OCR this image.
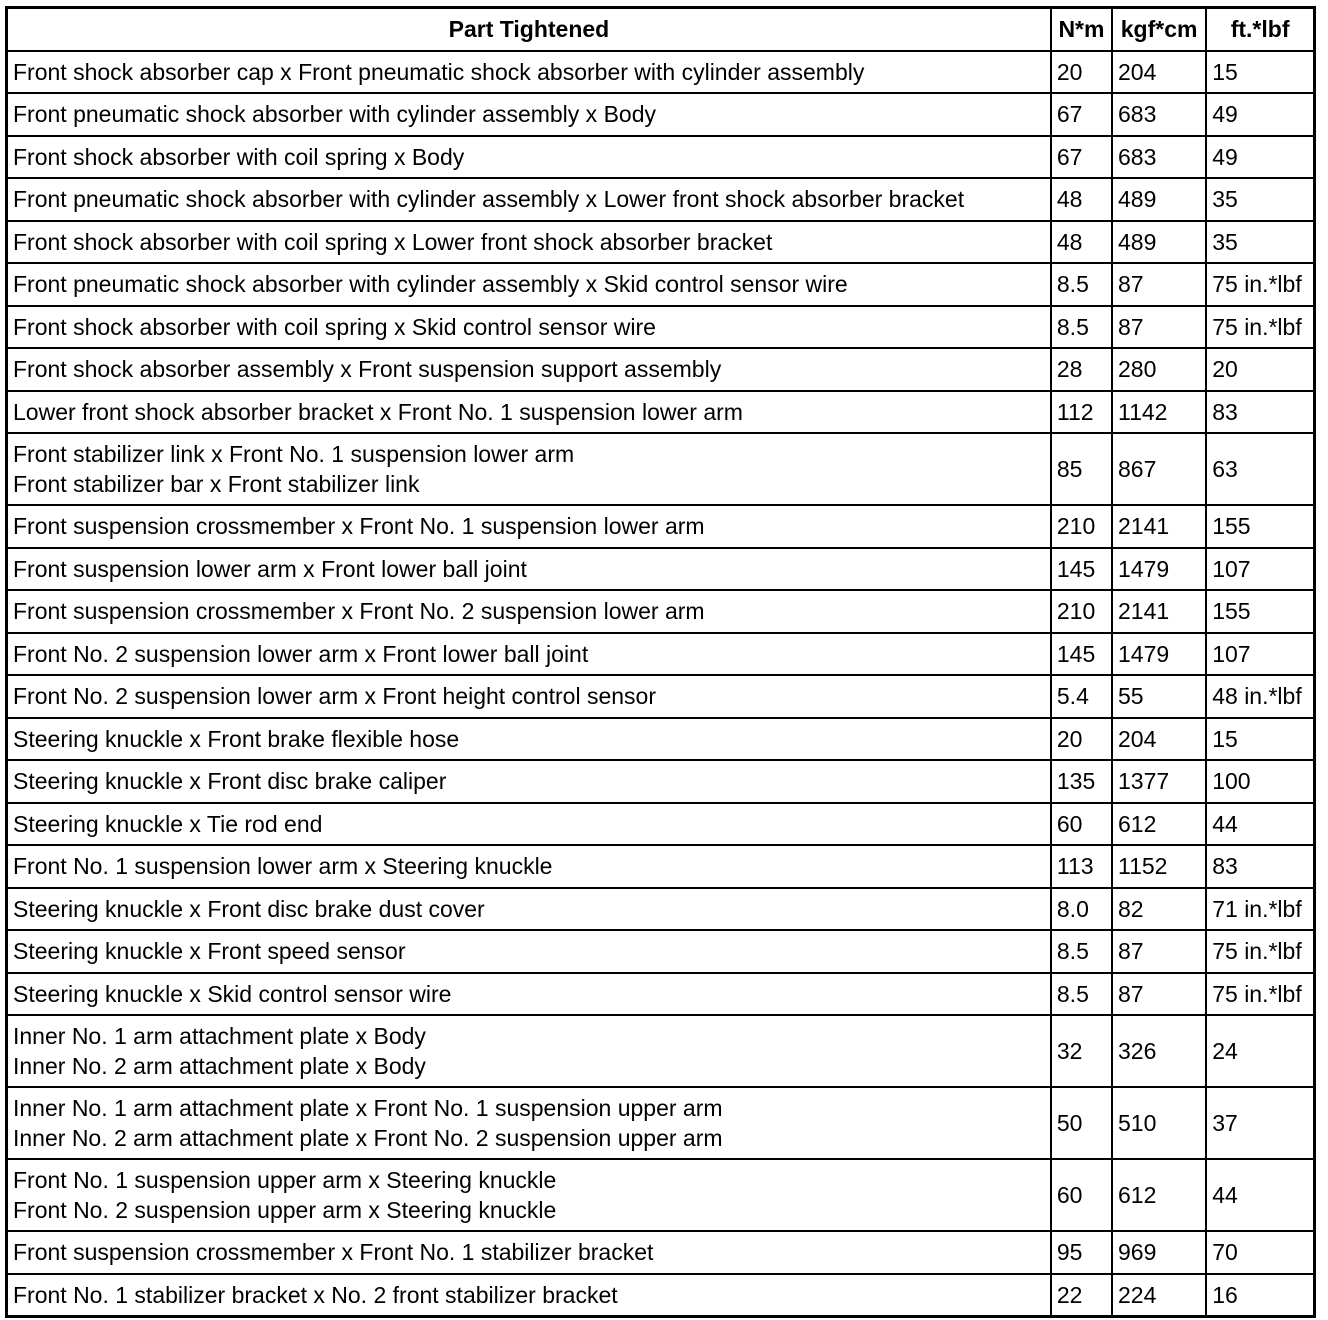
Part Tightened	N*m	kgf*cm	ft.*lbf

Front shock absorber cap x Front pneumatic shock absorber with cylinder assembly	20	204	15

Front pneumatic shock absorber with cylinder assembly x Body	67	683	49

Front shock absorber with coil spring x Body	67	683	49

Front pneumatic shock absorber with cylinder assembly x Lower front shock absorber bracket	48	489	35

Front shock absorber with coil spring x Lower front shock absorber bracket	48	489	35

Front pneumatic shock absorber with cylinder assembly x Skid control sensor wire	8.5	87	75 in.*lbf

Front shock absorber with coil spring x Skid control sensor wire	8.5	87	75 in.*lbf

Front shock absorber assembly x Front suspension support assembly	28	280	20

Lower front shock absorber bracket x Front No. 1 suspension lower arm	112	1142	83

Front stabilizer link x Front No. 1 suspension lower arm
Front stabilizer bar x Front stabilizer link	85	867	63

Front suspension crossmember x Front No. 1 suspension lower arm	210	2141	155

Front suspension lower arm x Front lower ball joint	145	1479	107

Front suspension crossmember x Front No. 2 suspension lower arm	210	2141	155

Front No. 2 suspension lower arm x Front lower ball joint	145	1479	107

Front No. 2 suspension lower arm x Front height control sensor	5.4	55	48 in.*lbf

Steering knuckle x Front brake flexible hose	20	204	15

Steering knuckle x Front disc brake caliper	135	1377	100

Steering knuckle x Tie rod end	60	612	44

Front No. 1 suspension lower arm x Steering knuckle	113	1152	83

Steering knuckle x Front disc brake dust cover	8.0	82	71 in.*lbf

Steering knuckle x Front speed sensor	8.5	87	75 in.*lbf

Steering knuckle x Skid control sensor wire	8.5	87	75 in.*lbf

Inner No. 1 arm attachment plate x Body
Inner No. 2 arm attachment plate x Body	32	326	24

Inner No. 1 arm attachment plate x Front No. 1 suspension upper arm
Inner No. 2 arm attachment plate x Front No. 2 suspension upper arm	50	510	37

Front No. 1 suspension upper arm x Steering knuckle
Front No. 2 suspension upper arm x Steering knuckle	60	612	44

Front suspension crossmember x Front No. 1 stabilizer bracket	95	969	70

Front No. 1 stabilizer bracket x No. 2 front stabilizer bracket	22	224	16
